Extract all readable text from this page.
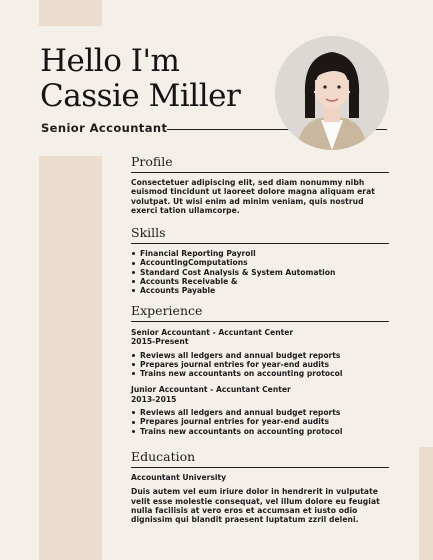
Hello I'm
Cassie Miller
Senior Accountant
Profile

Consectetuer adipiscing elit, sed diam nonummy nibh euismod tincidunt ut laoreet dolore magna aliquam erat volutpat. Ut wisi enim ad minim veniam, quis nostrud exerci tation ullamcorpe.

Skills
Financial Reporting Payroll
AccountingComputations
Standard Cost Analysis & System Automation
Accounts Receivable &
Accounts Payable
Experience

Senior Accountant - Accuntant Center

2015-Present

Reviews all ledgers and annual budget reports
Prepares journal entries for year-end audits
Trains new accountants on accounting protocol

Junior Accountant - Accuntant Center

2013-2015

Reviews all ledgers and annual budget reports
Prepares journal entries for year-end audits
Trains new accountants on accounting protocol
Education

Accountant University

Duis autem vel eum iriure dolor in hendrerit in vulputate velit esse molestie consequat, vel illum dolore eu feugiat nulla facilisis at vero eros et accumsan et iusto odio dignissim qui blandit praesent luptatum zzril deleni.
